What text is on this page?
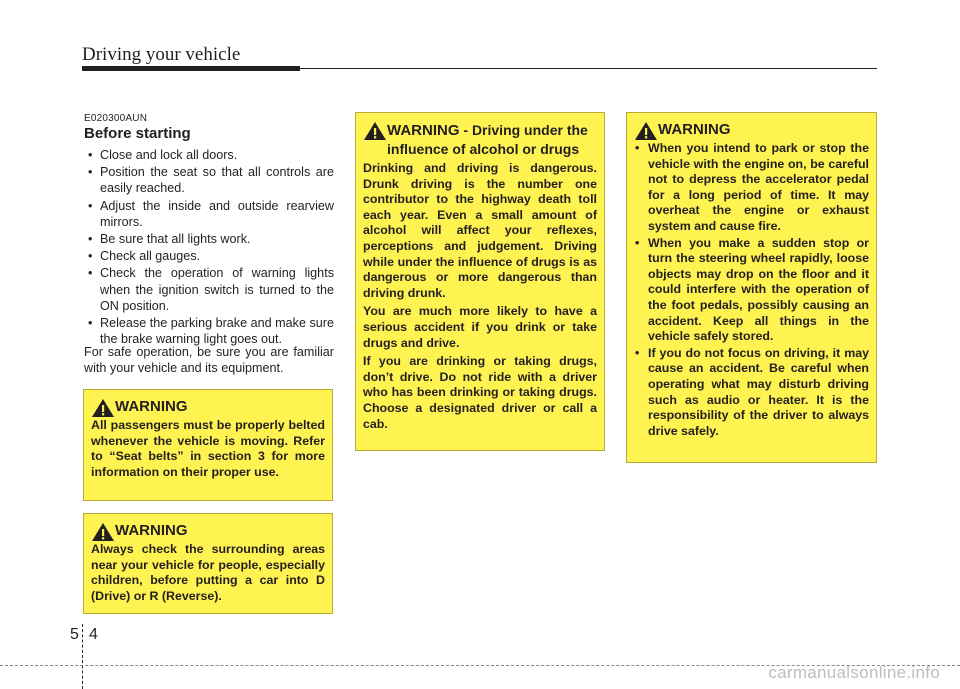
Driving your vehicle
E020300AUN
Before starting
• Close and lock all doors.
• Position the seat so that all controls are easily reached.
• Adjust the inside and outside rearview mirrors.
• Be sure that all lights work.
• Check all gauges.
• Check the operation of warning lights when the ignition switch is turned to the ON position.
• Release the parking brake and make sure the brake warning light goes out.
For safe operation, be sure you are familiar with your vehicle and its equipment.
WARNING
All passengers must be properly belted whenever the vehicle is moving. Refer to “Seat belts” in section 3 for more information on their proper use.
WARNING
Always check the surrounding areas near your vehicle for people, especially children, before putting a car into D (Drive) or R (Reverse).
WARNING - Driving under the influence of alcohol or drugs

Drinking and driving is dangerous. Drunk driving is the number one contributor to the highway death toll each year. Even a small amount of alcohol will affect your reflexes, perceptions and judgement. Driving while under the influence of drugs is as dangerous or more dangerous than driving drunk.

You are much more likely to have a serious accident if you drink or take drugs and drive.

If you are drinking or taking drugs, don’t drive. Do not ride with a driver who has been drinking or taking drugs. Choose a designated driver or call a cab.

WARNING
• When you intend to park or stop the vehicle with the engine on, be careful not to depress the accelerator pedal for a long period of time. It may overheat the engine or exhaust system and cause fire.
• When you make a sudden stop or turn the steering wheel rapidly, loose objects may drop on the floor and it could interfere with the operation of the foot pedals, possibly causing an accident. Keep all things in the vehicle safely stored.
• If you do not focus on driving, it may cause an accident. Be careful when operating what may disturb driving such as audio or heater. It is the responsibility of the driver to always drive safely.
5 4
carmanualsonline.info
